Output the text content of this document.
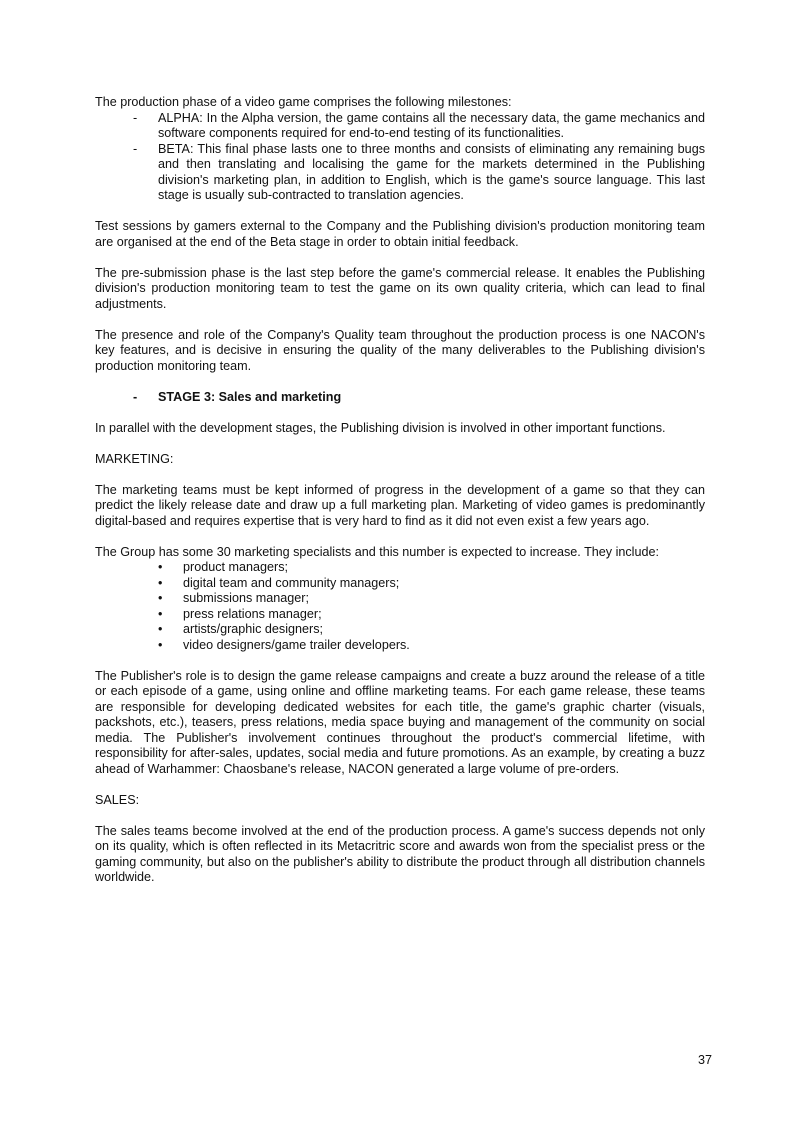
The production phase of a video game comprises the following milestones:

-	ALPHA: In the Alpha version, the game contains all the necessary data, the game mechanics and software components required for end-to-end testing of its functionalities.
-	BETA: This final phase lasts one to three months and consists of eliminating any remaining bugs and then translating and localising the game for the markets determined in the Publishing division's marketing plan, in addition to English, which is the game's source language. This last stage is usually sub-contracted to translation agencies.

Test sessions by gamers external to the Company and the Publishing division's production monitoring team are organised at the end of the Beta stage in order to obtain initial feedback.

The pre-submission phase is the last step before the game's commercial release. It enables the Publishing division's production monitoring team to test the game on its own quality criteria, which can lead to final adjustments.

The presence and role of the Company's Quality team throughout the production process is one NACON's key features, and is decisive in ensuring the quality of the many deliverables to the Publishing division's production monitoring team.

-	STAGE 3: Sales and marketing

In parallel with the development stages, the Publishing division is involved in other important functions.

MARKETING:

The marketing teams must be kept informed of progress in the development of a game so that they can predict the likely release date and draw up a full marketing plan. Marketing of video games is predominantly digital-based and requires expertise that is very hard to find as it did not even exist a few years ago.

The Group has some 30 marketing specialists and this number is expected to increase. They include:

•	product managers;
•	digital team and community managers;
•	submissions manager;
•	press relations manager;
•	artists/graphic designers;
•	video designers/game trailer developers.

The Publisher's role is to design the game release campaigns and create a buzz around the release of a title or each episode of a game, using online and offline marketing teams. For each game release, these teams are responsible for developing dedicated websites for each title, the game's graphic charter (visuals, packshots, etc.), teasers, press relations, media space buying and management of the community on social media. The Publisher's involvement continues throughout the product's commercial lifetime, with responsibility for after-sales, updates, social media and future promotions. As an example, by creating a buzz ahead of Warhammer: Chaosbane's release, NACON generated a large volume of pre-orders.

SALES:

The sales teams become involved at the end of the production process. A game's success depends not only on its quality, which is often reflected in its Metacritric score and awards won from the specialist press or the gaming community, but also on the publisher's ability to distribute the product through all distribution channels worldwide.

37
